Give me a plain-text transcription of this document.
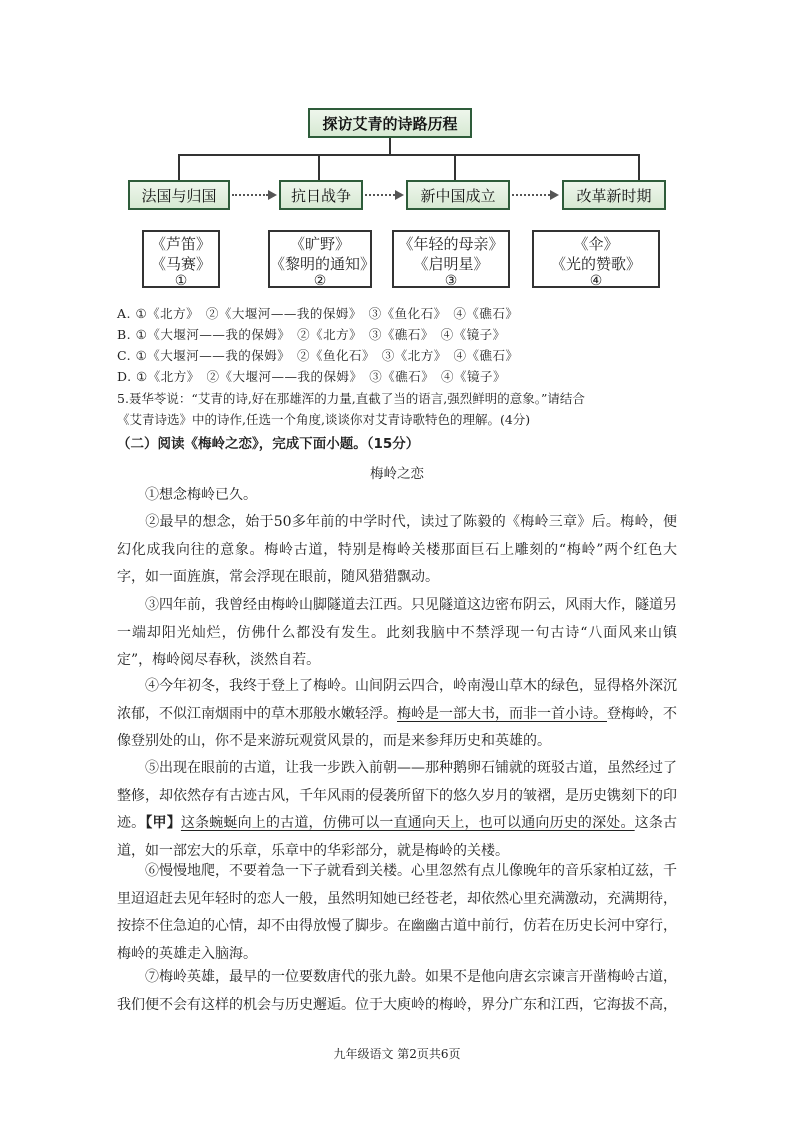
探访艾青的诗路历程
法国与归国	抗日战争	新中国成立	改革新时期
《芦笛》
《马赛》
①
《旷野》
《黎明的通知》
②
《年轻的母亲》
《启明星》
③
《伞》
《光的赞歌》
④
A. ①《北方》　②《大堰河——我的保姆》　③《鱼化石》　④《礁石》
B. ①《大堰河——我的保姆》　②《北方》　③《礁石》　④《镜子》
C. ①《大堰河——我的保姆》　②《鱼化石》　③《北方》　④《礁石》
D. ①《北方》　②《大堰河——我的保姆》　③《礁石》　④《镜子》
5.聂华苓说：“艾青的诗,好在那雄浑的力量,直截了当的语言,强烈鲜明的意象。”请结合
《艾青诗选》中的诗作,任选一个角度,谈谈你对艾青诗歌特色的理解。(4分)
（二）阅读《梅岭之恋》，完成下面小题。（15分）
梅岭之恋
①想念梅岭已久。
②最早的想念，始于50多年前的中学时代，读过了陈毅的《梅岭三章》后。梅岭，便幻化成我向往的意象。梅岭古道，特别是梅岭关楼那面巨石上雕刻的“梅岭”两个红色大字，如一面旌旗，常会浮现在眼前，随风猎猎飘动。
③四年前，我曾经由梅岭山脚隧道去江西。只见隧道这边密布阴云，风雨大作，隧道另一端却阳光灿烂，仿佛什么都没有发生。此刻我脑中不禁浮现一句古诗“八面风来山镇定”，梅岭阅尽春秋，淡然自若。
④今年初冬，我终于登上了梅岭。山间阴云四合，岭南漫山草木的绿色，显得格外深沉浓郁，不似江南烟雨中的草木那般水嫩轻浮。梅岭是一部大书，而非一首小诗。登梅岭，不像登别处的山，你不是来游玩观赏风景的，而是来参拜历史和英雄的。
⑤出现在眼前的古道，让我一步跌入前朝——那种鹅卵石铺就的斑驳古道，虽然经过了整修，却依然存有古迹古风，千年风雨的侵袭所留下的悠久岁月的皱褶，是历史镌刻下的印迹。【甲】这条蜿蜒向上的古道，仿佛可以一直通向天上，也可以通向历史的深处。这条古道，如一部宏大的乐章，乐章中的华彩部分，就是梅岭的关楼。
⑥慢慢地爬，不要着急一下子就看到关楼。心里忽然有点儿像晚年的音乐家柏辽兹，千里迢迢赶去见年轻时的恋人一般，虽然明知她已经苍老，却依然心里充满激动，充满期待，按捺不住急迫的心情，却不由得放慢了脚步。在幽幽古道中前行，仿若在历史长河中穿行，梅岭的英雄走入脑海。
⑦梅岭英雄，最早的一位要数唐代的张九龄。如果不是他向唐玄宗谏言开凿梅岭古道，我们便不会有这样的机会与历史邂逅。位于大庾岭的梅岭，界分广东和江西，它海拔不高，
九年级语文 第2页共6页
